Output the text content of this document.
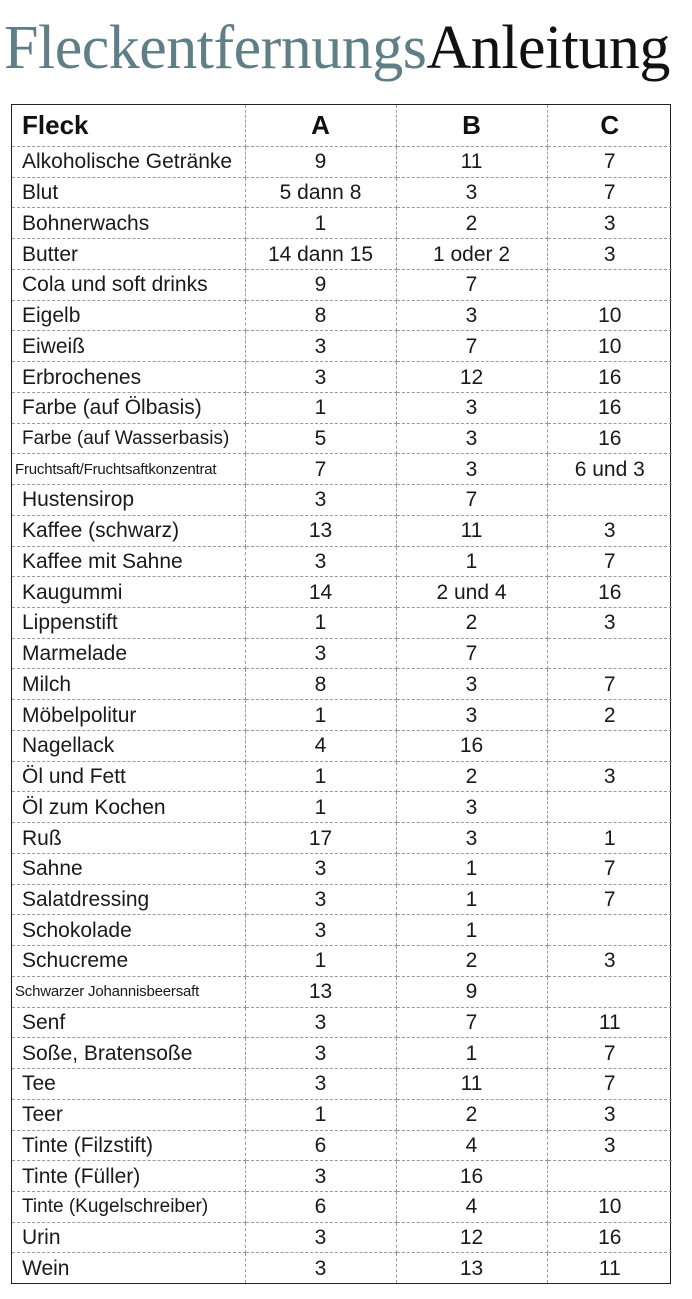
FleckentfernungsAnleitung
Fleck	A	B	C
Alkoholische Getränke	9	11	7
Blut	5 dann 8	3	7
Bohnerwachs	1	2	3
Butter	14 dann 15	1 oder 2	3
Cola und soft drinks	9	7	
Eigelb	8	3	10
Eiweiß	3	7	10
Erbrochenes	3	12	16
Farbe (auf Ölbasis)	1	3	16
Farbe (auf Wasserbasis)	5	3	16
Fruchtsaft/Fruchtsaftkonzentrat	7	3	6 und 3
Hustensirop	3	7	
Kaffee (schwarz)	13	11	3
Kaffee mit Sahne	3	1	7
Kaugummi	14	2 und 4	16
Lippenstift	1	2	3
Marmelade	3	7	
Milch	8	3	7
Möbelpolitur	1	3	2
Nagellack	4	16	
Öl und Fett	1	2	3
Öl zum Kochen	1	3	
Ruß	17	3	1
Sahne	3	1	7
Salatdressing	3	1	7
Schokolade	3	1	
Schucreme	1	2	3
Schwarzer Johannisbeersaft	13	9	
Senf	3	7	11
Soße, Bratensoße	3	1	7
Tee	3	11	7
Teer	1	2	3
Tinte (Filzstift)	6	4	3
Tinte (Füller)	3	16	
Tinte (Kugelschreiber)	6	4	10
Urin	3	12	16
Wein	3	13	11
